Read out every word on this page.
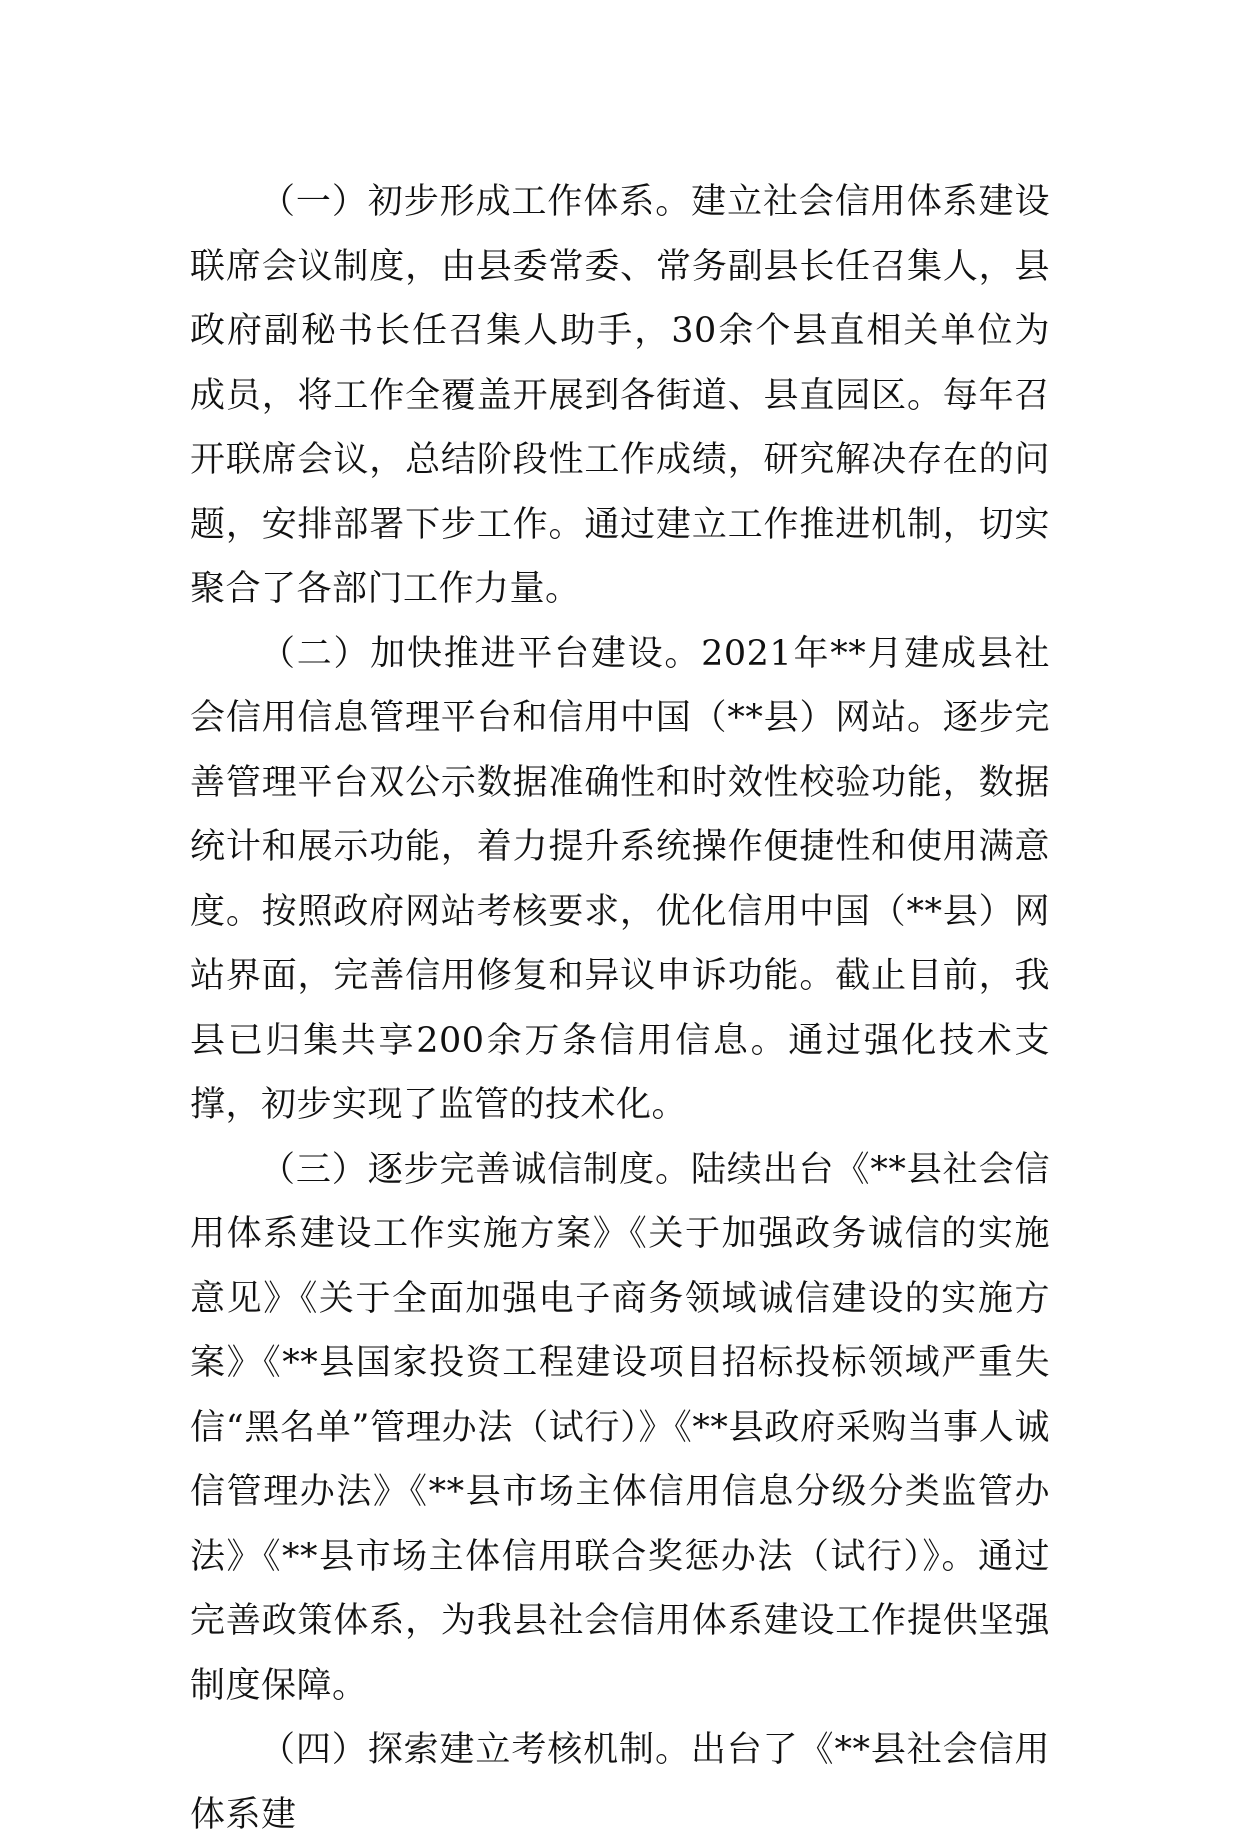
（一）初步形成工作体系。建立社会信用体系建设联席会议制度，由县委常委、常务副县长任召集人，县政府副秘书长任召集人助手，30余个县直相关单位为成员，将工作全覆盖开展到各街道、县直园区。每年召开联席会议，总结阶段性工作成绩，研究解决存在的问题，安排部署下步工作。通过建立工作推进机制，切实聚合了各部门工作力量。

（二）加快推进平台建设。2021年**月建成县社会信用信息管理平台和信用中国（**县）网站。逐步完善管理平台双公示数据准确性和时效性校验功能，数据统计和展示功能，着力提升系统操作便捷性和使用满意度。按照政府网站考核要求，优化信用中国（**县）网站界面，完善信用修复和异议申诉功能。截止目前，我县已归集共享200余万条信用信息。通过强化技术支撑，初步实现了监管的技术化。

（三）逐步完善诚信制度。陆续出台《**县社会信用体系建设工作实施方案》《关于加强政务诚信的实施意见》《关于全面加强电子商务领域诚信建设的实施方案》《**县国家投资工程建设项目招标投标领域严重失信“黑名单”管理办法（试行）》《**县政府采购当事人诚信管理办法》《**县市场主体信用信息分级分类监管办法》《**县市场主体信用联合奖惩办法（试行）》。通过完善政策体系，为我县社会信用体系建设工作提供坚强制度保障。

（四）探索建立考核机制。出台了《**县社会信用体系建
